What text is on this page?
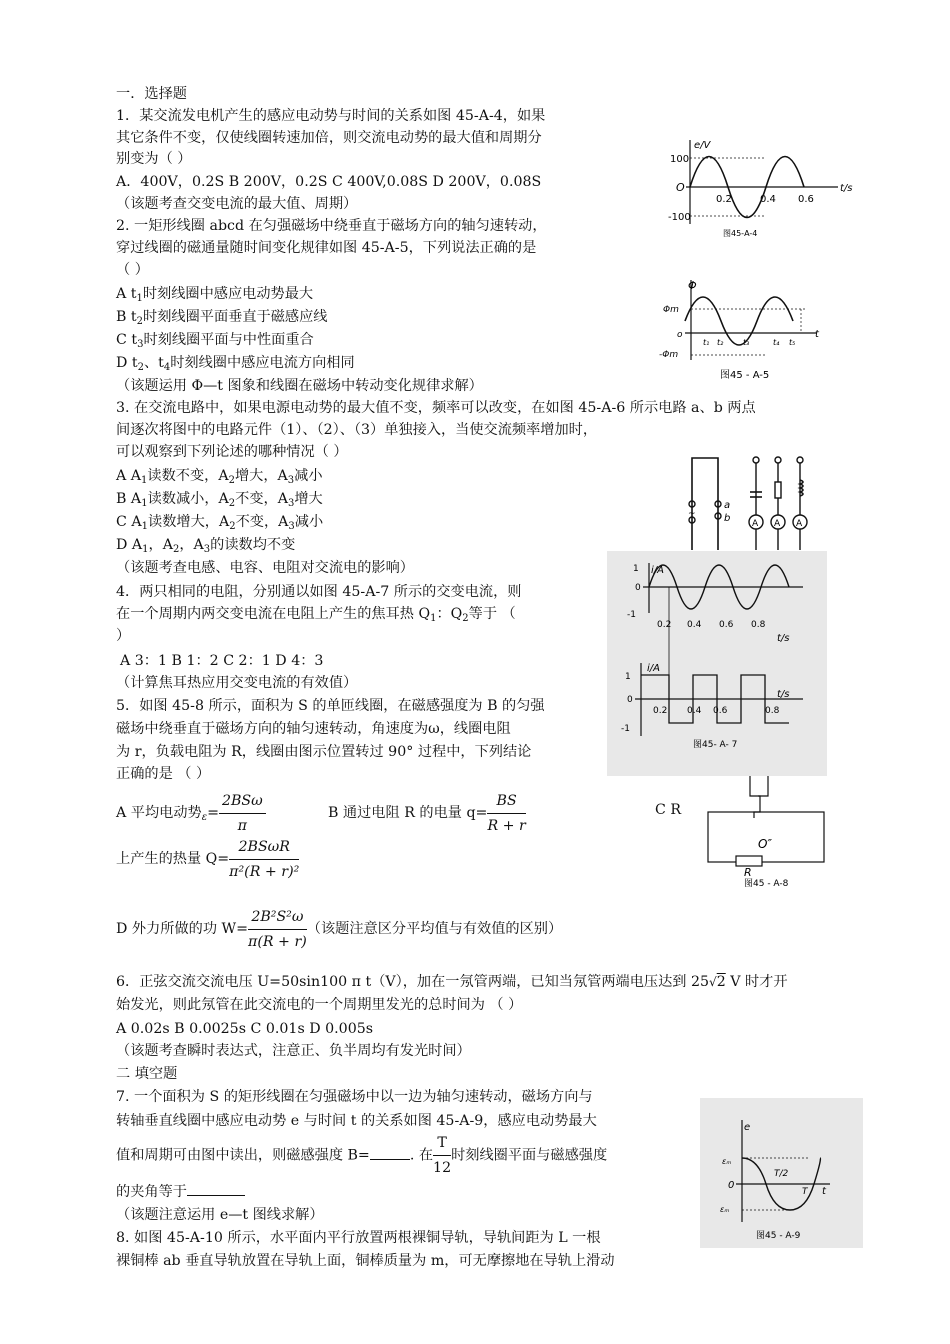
一．选择题
1．某交流发电机产生的感应电动势与时间的关系如图 45-A-4，如果
其它条件不变，仅使线圈转速加倍，则交流电动势的最大值和周期分
别变为（ ）
A．400V，0.2S B 200V，0.2S C 400V,0.08S D 200V，0.08S
（该题考查交变电流的最大值、周期）
2. 一矩形线圈 abcd 在匀强磁场中绕垂直于磁场方向的轴匀速转动，
穿过线圈的磁通量随时间变化规律如图 45-A-5，下列说法正确的是
（ ）
A $t_1$时刻线圈中感应电动势最大
B $t_2$时刻线圈平面垂直于磁感应线
C $t_3$时刻线圈平面与中性面重合
D $t_2$、$t_4$时刻线圈中感应电流方向相同
（该题运用 Φ—t 图象和线圈在磁场中转动变化规律求解）
3. 在交流电路中，如果电源电动势的最大值不变，频率可以改变，在如图 45-A-6 所示电路 a、b 两点
间逐次将图中的电路元件（1）、（2）、（3）单独接入，当使交流频率增加时，
可以观察到下列论述的哪种情况（ ）
A $A_1$读数不变，$A_2$增大，$A_3$减小
B $A_1$读数减小，$A_2$不变，$A_3$增大
C $A_1$读数增大，$A_2$不变，$A_3$减小
D $A_1$，$A_2$，$A_3$的读数均不变
（该题考查电感、电容、电阻对交流电的影响）
4．两只相同的电阻，分别通以如图 45-A-7 所示的交变电流，则
在一个周期内两交变电流在电阻上产生的焦耳热 $Q_1$：$Q_2$等于 （
）
A 3：1 B 1：2 C 2：1 D 4：3
（计算焦耳热应用交变电流的有效值）
5．如图 45-8 所示，面积为 S 的单匝线圈，在磁感强度为 B 的匀强
磁场中绕垂直于磁场方向的轴匀速转动，角速度为ω，线圈电阻
为 r，负载电阻为 R，线圈由图示位置转过 90° 过程中，下列结论
正确的是 （ ）
A 平均电动势$_\varepsilon= \frac{\text{2BSω}}{\pi}$	B 通过电阻 R 的电量 $q= \frac{BS}{R + r}$	C R
上产生的热量 $Q= \frac{\text{2BSωR}}{\text{π²(R + r)²}}$
D 外力所做的功 $W= \frac{\text{2B²S²ω}}{\pi(R + r)}$ （该题注意区分平均值与有效值的区别）
6．正弦交流交流电压 U=50sin100 π t（V），加在一氖管两端，已知当氖管两端电压达到 25√2 V 时才开
始发光，则此氖管在此交流电的一个周期里发光的总时间为 （ ）
A 0.02s B 0.0025s C 0.01s D 0.005s
（该题考查瞬时表达式，注意正、负半周均有发光时间）
二 填空题
7. 一个面积为 S 的矩形线圈在匀强磁场中以一边为轴匀速转动，磁场方向与
转轴垂直线圈中感应电动势 e 与时间 t 的关系如图 45-A-9，感应电动势最大
值和周期可由图中读出，则磁感强度 B=	. 在 $\frac{T}{12}$ 时刻线圈平面与磁感强度
的夹角等于
（该题注意运用 e—t 图线求解）
8. 如图 45-A-10 所示，水平面内平行放置两根裸铜导轨，导轨间距为 L 一根
裸铜棒 ab 垂直导轨放置在导轨上面，铜棒质量为 m，可无摩擦地在导轨上滑动
e/V
100
O
-100
t/s
0.2	0.4 0.6
图45-A-4
Φ
Φm
o
-Φm
t
t₁ t₂ t₃	t₄ t₅
图45 - A-5
~
a
b A A A
i/A
1
0
-1
0.2 0.4 0.6 0.8
t/s
i/A
1
0
-1
0.2 0.4 0.6	0.8
t/s
图45- A- 7
O″
R
图45 - A-8
e
εₘ
0
εₘ
T/2
T t
图45 - A-9
